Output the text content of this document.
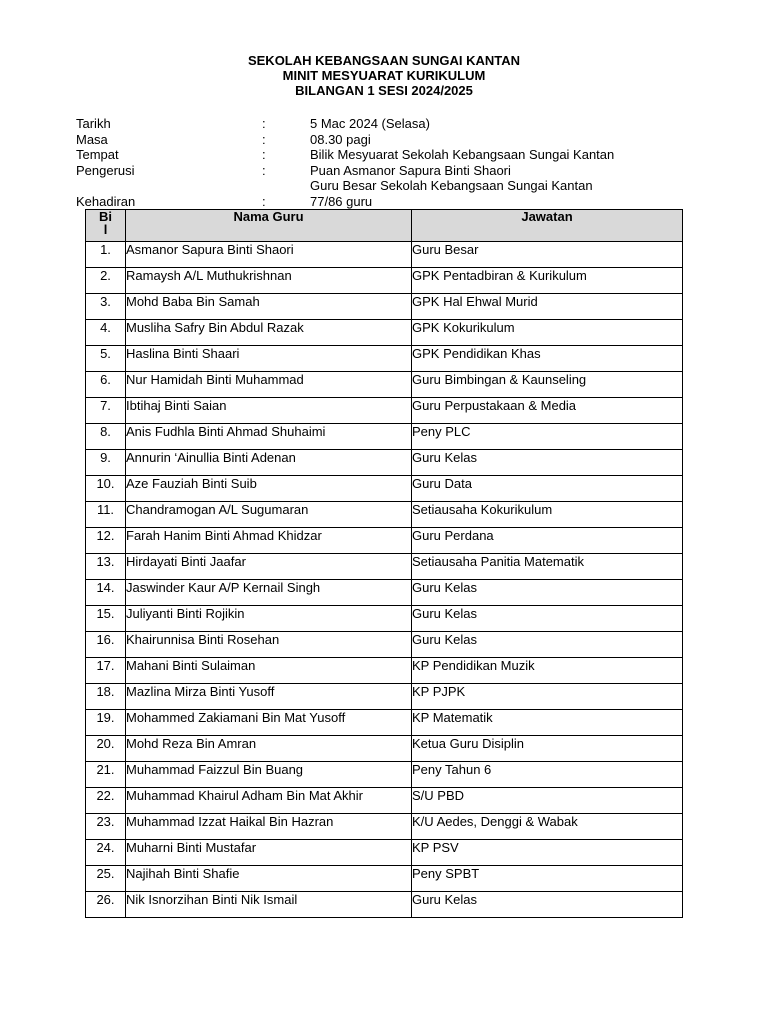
SEKOLAH KEBANGSAAN SUNGAI KANTAN
MINIT MESYUARAT KURIKULUM
BILANGAN 1 SESI 2024/2025
Tarikh	:	5 Mac 2024 (Selasa)
Masa	:	08.30 pagi
Tempat	:	Bilik Mesyuarat Sekolah Kebangsaan Sungai Kantan
Pengerusi	:	Puan Asmanor Sapura Binti Shaori
Guru Besar Sekolah Kebangsaan Sungai Kantan
Kehadiran	:	77/86 guru
Bi
l	Nama Guru	Jawatan
1.	Asmanor Sapura Binti Shaori	Guru Besar
2.	Ramaysh A/L Muthukrishnan	GPK Pentadbiran & Kurikulum
3.	Mohd Baba Bin Samah	GPK Hal Ehwal Murid
4.	Musliha Safry Bin Abdul Razak	GPK Kokurikulum
5.	Haslina Binti Shaari	GPK Pendidikan Khas
6.	Nur Hamidah Binti Muhammad	Guru Bimbingan & Kaunseling
7.	Ibtihaj Binti Saian	Guru Perpustakaan & Media
8.	Anis Fudhla Binti Ahmad Shuhaimi	Peny PLC
9.	Annurin ‘Ainullia Binti Adenan	Guru Kelas
10.	Aze Fauziah Binti Suib	Guru Data
11.	Chandramogan A/L Sugumaran	Setiausaha Kokurikulum
12.	Farah Hanim Binti Ahmad Khidzar	Guru Perdana
13.	Hirdayati Binti Jaafar	Setiausaha Panitia Matematik
14.	Jaswinder Kaur A/P Kernail Singh	Guru Kelas
15.	Juliyanti Binti Rojikin	Guru Kelas
16.	Khairunnisa Binti Rosehan	Guru Kelas
17.	Mahani Binti Sulaiman	KP Pendidikan Muzik
18.	Mazlina Mirza Binti Yusoff	KP PJPK
19.	Mohammed Zakiamani Bin Mat Yusoff	KP Matematik
20.	Mohd Reza Bin Amran	Ketua Guru Disiplin
21.	Muhammad Faizzul Bin Buang	Peny Tahun 6
22.	Muhammad Khairul Adham Bin Mat Akhir	S/U PBD
23.	Muhammad Izzat Haikal Bin Hazran	K/U Aedes, Denggi & Wabak
24.	Muharni Binti Mustafar	KP PSV
25.	Najihah Binti Shafie	Peny SPBT
26.	Nik Isnorzihan Binti Nik Ismail	Guru Kelas
